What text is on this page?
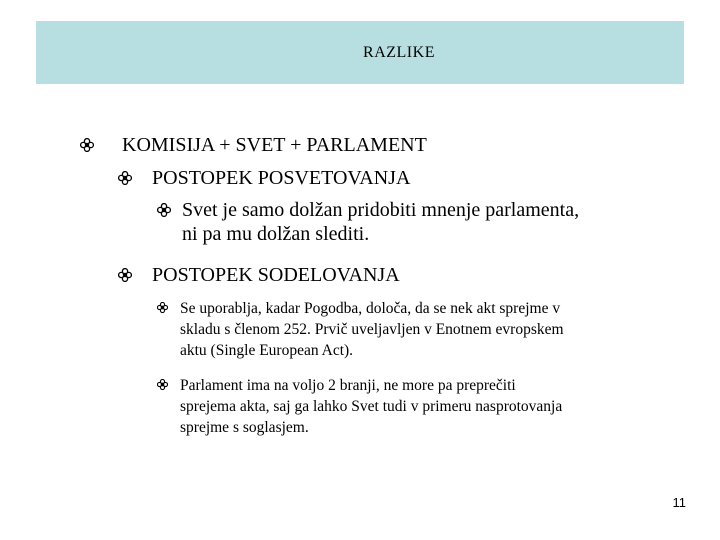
RAZLIKE
KOMISIJA + SVET + PARLAMENT
POSTOPEK POSVETOVANJA
Svet je samo dolžan pridobiti mnenje parlamenta,
ni pa mu dolžan slediti.
POSTOPEK SODELOVANJA
Se uporablja, kadar Pogodba, določa, da se nek akt sprejme v
skladu s členom 252. Prvič uveljavljen v Enotnem evropskem
aktu (Single European Act).
Parlament ima na voljo 2 branji, ne more pa preprečiti
sprejema akta, saj ga lahko Svet tudi v primeru nasprotovanja
sprejme s soglasjem.
11
